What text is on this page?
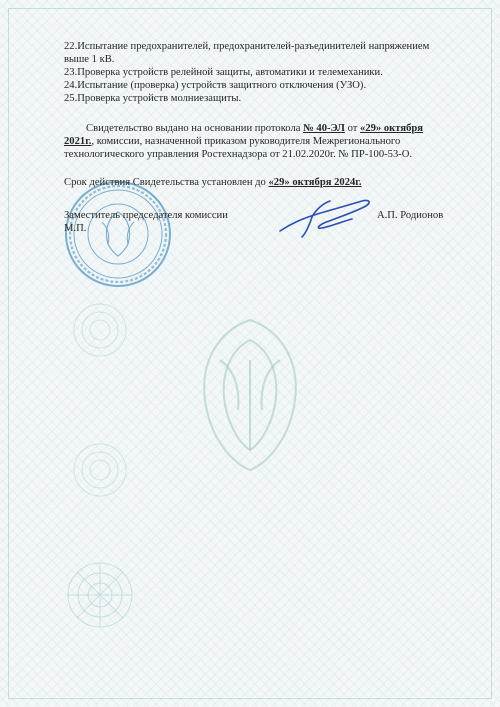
22.Испытание предохранителей, предохранителей-разъединителей напряжением выше 1 кВ.

23.Проверка устройств релейной защиты, автоматики и телемеханики.

24.Испытание (проверка) устройств защитного отключения (УЗО).

25.Проверка устройств молниезащиты.

Свидетельство выдано на основании протокола № 40-ЭЛ от «29» октября 2021г., комиссии, назначенной приказом руководителя Межрегионального технологического управления Ростехнадзора от 21.02.2020г. № ПР-100-53-О.

Срок действия Свидетельства установлен до «29» октября 2024г.

Заместитель председателя комиссии
М.П.
А.П. Родионов
